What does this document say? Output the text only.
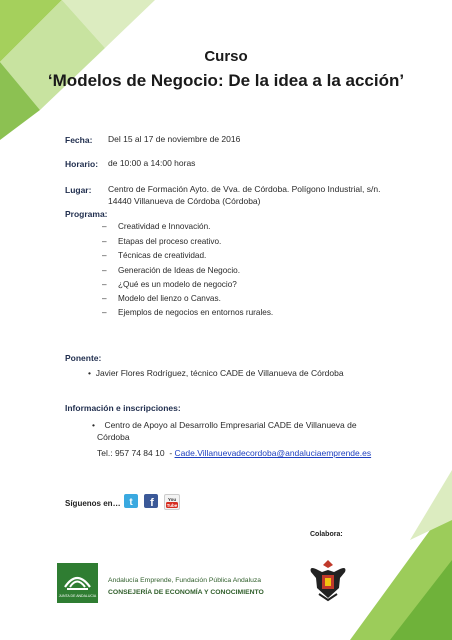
Curso
‘Modelos de Negocio: De la idea a la acción’
Fecha: Del 15 al 17 de noviembre de 2016
Horario: de 10:00 a 14:00 horas
Lugar: Centro de Formación Ayto. de Vva. de Córdoba. Polígono Industrial, s/n.
14440 Villanueva de Córdoba (Córdoba)
Programa:
– Creatividad e Innovación.
– Etapas del proceso creativo.
– Técnicas de creatividad.
– Generación de Ideas de Negocio.
– ¿Qué es un modelo de negocio?
– Modelo del lienzo o Canvas.
– Ejemplos de negocios en entornos rurales.
Ponente:
•  Javier Flores Rodríguez, técnico CADE de Villanueva de Córdoba
Información e inscripciones:
•    Centro de Apoyo al Desarrollo Empresarial CADE de Villanueva de
Córdoba
Tel.: 957 74 84 10 - Cade.Villanuevadecordoba@andaluciaemprende.es
Síguenos en… t f	You
Tube
Colabora:
JUNTA DE ANDALUCIA
Andalucía Emprende, Fundación Pública Andaluza
CONSEJERÍA DE ECONOMÍA Y CONOCIMIENTO
